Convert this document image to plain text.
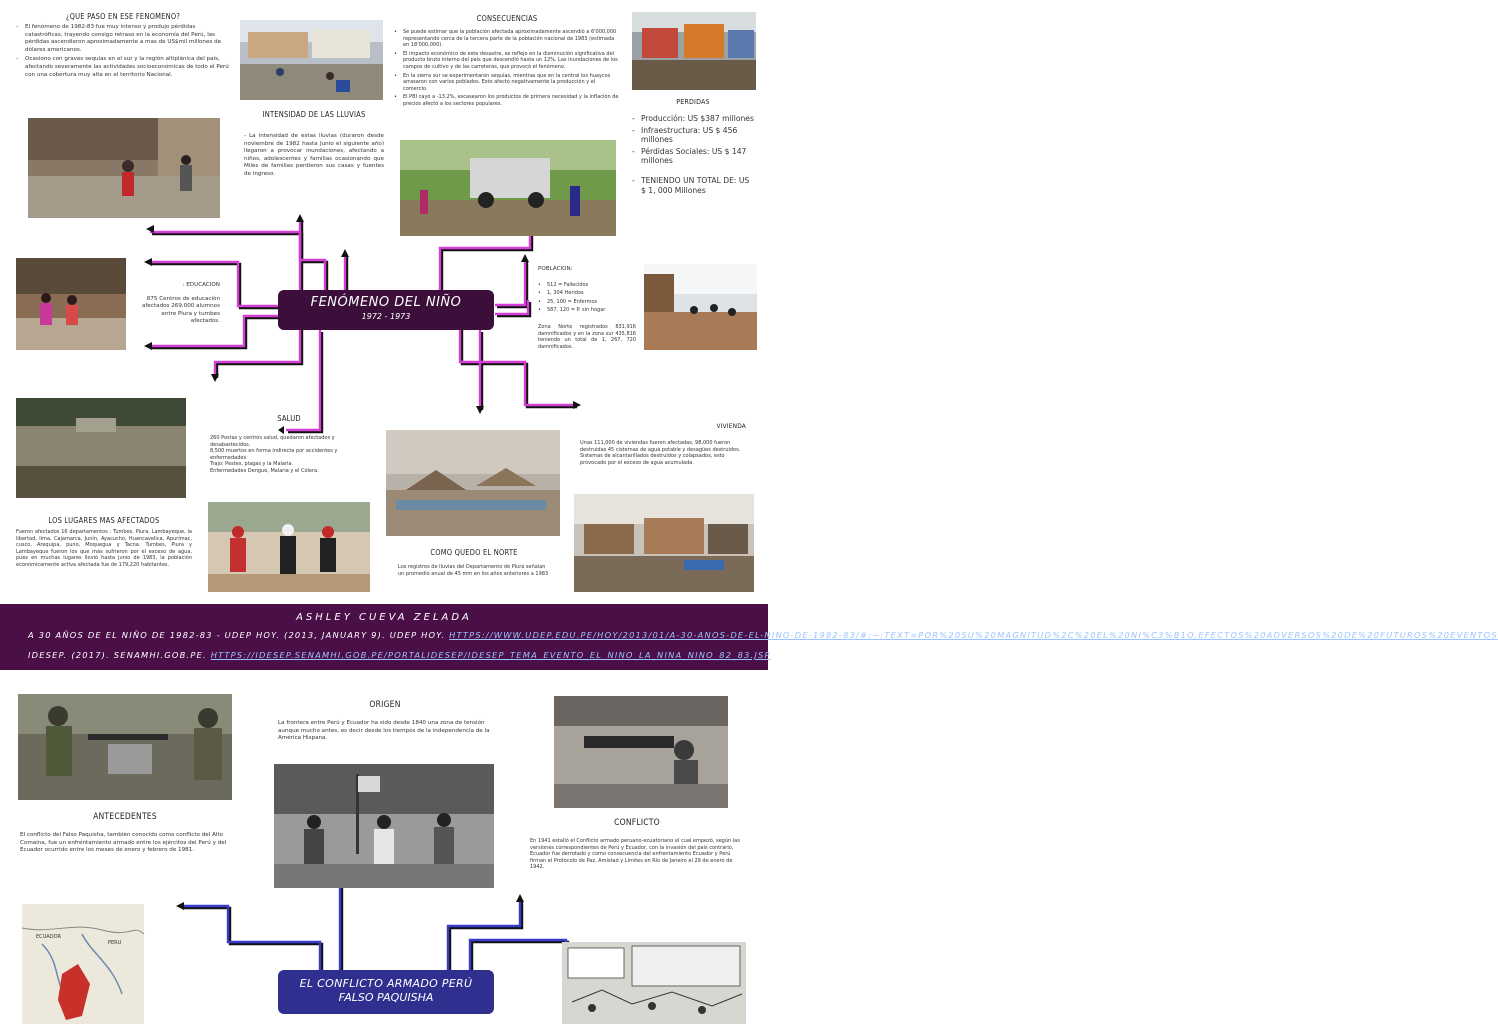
FENÓMENO DEL NIÑO
1972 - 1973
¿QUE PASO EN ESE FENOMENO?
- El fenómeno de 1982-83 fue muy intenso y produjo pérdidas catastróficas, trayendo consigo retraso en la economía del Perú, las pérdidas ascendieron aproximadamente a mas de US$mil millones de dólares americanos.
- Ocasiono con graves sequías en el sur y la región altiplánica del país, afectando severamente las actividades socioeconómicas de todo el Perú con una cobertura muy alta en el territorio Nacional.
INTENSIDAD DE LAS LLUVIAS
- La intensidad de estas lluvias (duraron desde noviembre de 1982 hasta Junio el siguiente año) llegaron a provocar inundaciones, afectando a niños, adolescentes y familias ocasionando que Miles de familias perdieron sus casas y fuentes de ingreso.
CONSECUENCIAS
• Se puede estimar que la población afectada aproximadamente ascendió a 6'000,000 representando cerca de la tercera parte de la población nacional de 1983 (estimada en 18'000,000).
• El impacto económico de este desastre, se reflejo en la disminución significativa del producto bruto interno del país que descendió hasta un 12%. Las inundaciones de los campos de cultivo y de las carreteras, que provocó el fenómeno.
• En la sierra sur se experimentaron sequías, mientras que en la central los huaycos arrasaron con varios poblados. Esto afectó negativamente la producción y el comercio.
• El PBI cayó a -13.2%, escasearon los productos de primera necesidad y la inflación de precios afectó a los sectores populares.	PERDIDAS
- Producción: US $387 millones
- Infraestructura: US $ 456 millones
- Pérdidas Sociales: US $ 147 millones
- TENIENDO UN TOTAL DE: US $ 1, 000 Millones
: EDUCACION
875 Centros de educación afectados 269,000 alumnos entre Piura y tumbes afectados.
POBLACION:
• 512 = Fallecidos
• 1, 304 Heridos
• 25, 100 = Enfermos
• 587, 120 = P. sin hogar
Zona Norte registrados 831,916 damnificados y en la zona sur 435,816 teniendo un total de 1, 267, 720 damnificados.
SALUD
260 Postas y centros salud, quedaron afectados y desabastecidos.
8,500 muertos en forma indirecta por accidentes y enfermedades
Trajo: Pestes, plagas y la Malaria.
Enfermedades Dengue, Malaria y el Cólera.
VIVIENDA
Unas 111,000 de viviendas fueron afectadas, 98,000 fueron destruidas 45 cisternas de agua potable y desagües destruidos.
Sistemas de alcantarillados destruidos y colapsados, esto provocado por el exceso de agua acumulada.
LOS LUGARES MAS AFECTADOS
Fueron afectados 16 departamentos : Tumbes, Piura, Lambayeque, la libertad, lima, Cajamarca, Junín, Ayacucho, Huancavelica, Apurímac, cusco, Arequipa, puno, Moquegua y Tacna. Tumbes, Piura y Lambayeque fueron los que más sufrieron por el exceso de agua, pues en muchas lugares llovió hasta junio de 1983, la población económicamente activa afectada fue de 179,220 habitantes.
COMO QUEDO EL NORTE
Los registros de lluvias del Departamento de Piura señalan un promedio anual de 45 mm en los años anteriores a 1983
ASHLEY CUEVA ZELADA
A 30 AÑOS DE EL NIÑO DE 1982-83 - UDEP HOY. (2013, JANUARY 9). UDEP HOY. HTTPS://WWW.UDEP.EDU.PE/HOY/2013/01/A-30-ANOS-DE-EL-NINO-DE-1982-83/#:~:TEXT=POR%20SU%20MAGNITUD%2C%20EL%20NI%C3%B1O,EFECTOS%20ADVERSOS%20DE%20FUTUROS%20EVENTOS
IDESEP. (2017). SENAMHI.GOB.PE. HTTPS://IDESEP.SENAMHI.GOB.PE/PORTALIDESEP/IDESEP_TEMA_EVENTO_EL_NINO_LA_NINA_NINO_82_83.JSP
ORIGEN
La frontera entre Perú y Ecuador ha sido desde 1840 una zona de tensión aunque mucho antes, es decir desde los tiempos de la independencia de la América Hispana.
ANTECEDENTES
El conflicto del Falso Paquisha, también conocido como conflicto del Alto Comaina, fue un enfrentamiento armado entre los ejércitos del Perú y del Ecuador ocurrido entre los meses de enero y febrero de 1981.
CONFLICTO
En 1941 estalló el Conflicto armado peruano-ecuatoriano el cual empezó, según las versiones correspondientes de Perú y Ecuador, con la invasión del país contrario, Ecuador fue derrotado y como consecuencia del enfrentamiento Ecuador y Perú firman el Protocolo de Paz, Amistad y Límites en Río de Janeiro el 29 de enero de 1942.
ECUADOR
PERU
EL CONFLICTO ARMADO PERÚ
FALSO PAQUISHA
